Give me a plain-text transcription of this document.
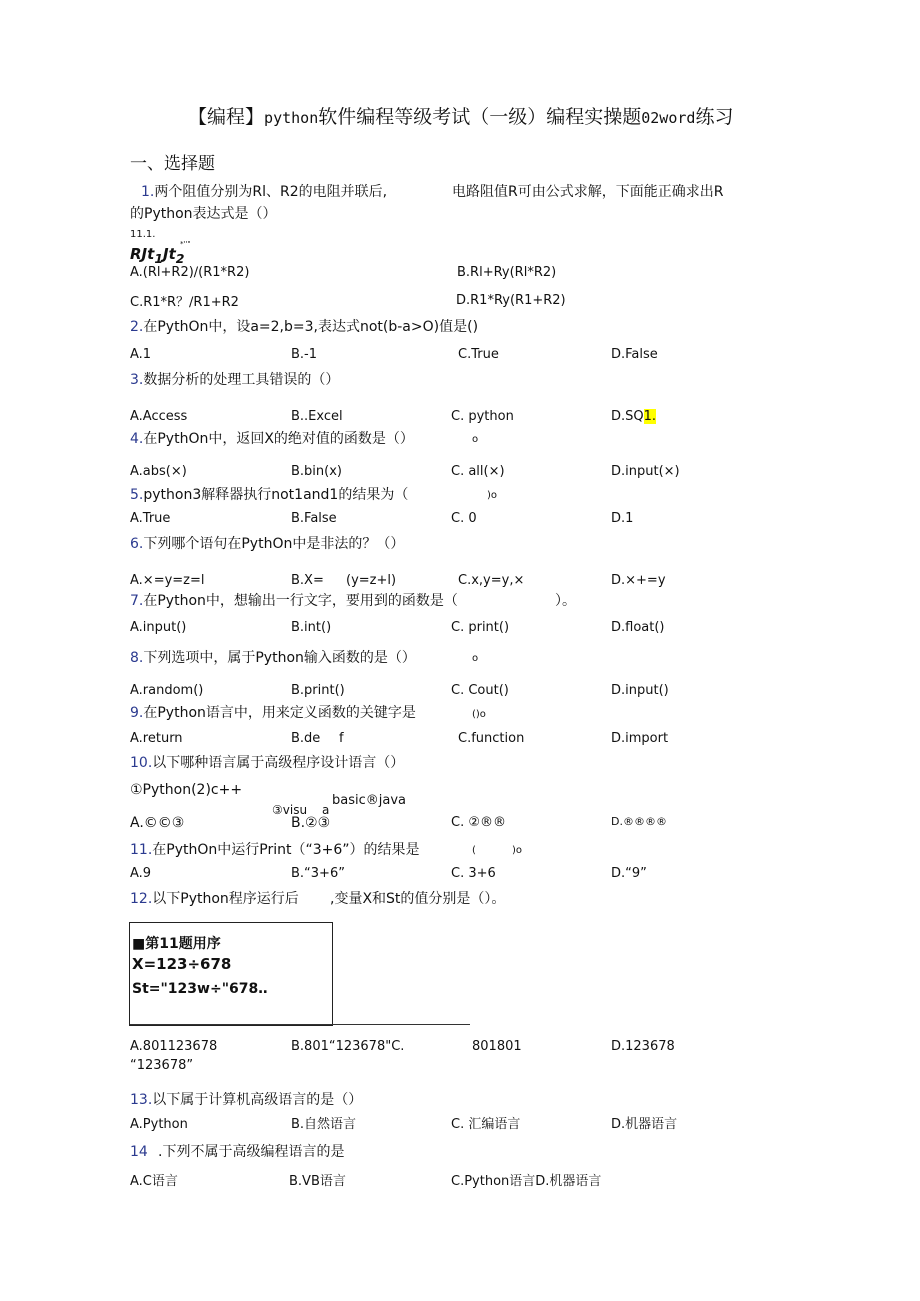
【编程】python软件编程等级考试（一级）编程实操题02word练习
一、选择题
1.两个阻值分别为Rl、R2的电阻并联后,	电路阻值R可由公式求解，下面能正确求出R
的Python表达式是（）
11.1.
$RJt_1Jt_2$
*''"
A.(Rl+R2)∕(R1*R2)	B.Rl+Ry(Rl*R2)
C.R1*R？∕R1+R2	D.R1*Ry(R1+R2)
2.在PythOn中，设a=2,b=3,表达式not(b-a>O)值是()
A.1	B.-1	C.True	D.False
3.数据分析的处理工具错误的（）
A.Access	B..Excel	C. python	D.SQ1.
4.在PythOn中，返回X的绝对值的函数是（）	o
A.abs(×)	B.bin(x)	C. all(×)	D.input(×)
5.python3解释器执行not1and1的结果为（	)o
A.True	B.False	C. 0	D.1
6.下列哪个语句在PythOn中是非法的？（）
A.×=y=z=l	B.X= (y=z+l)	C.x,y=y,×	D.×+=y
7.在Python中，想输出一行文字，要用到的函数是（	）。
A.input()	B.int()	C. print()	D.float()
8.下列选项中，属于Python输入函数的是（）	o
A.random()	B.print()	C. Cout()	D.input()
9.在Python语言中，用来定义函数的关键字是	()o
A.return	B.de f	C.function	D.import
10.以下哪种语言属于高级程序设计语言（）
①Python(2)c++
③visu a
basic®java
A.©©③	B.②③	C. ②®®	D.®®®®
11.在PythOn中运行Print（“3+6”）的结果是	(	)o
A.9	B.“3+6”	C. 3+6	D.“9”
12.以下Python程序运行后 ,变量X和St的值分别是（）。
■第11题用序
X=123÷678
St="123w÷"678‥
A.801123678	B.801“123678"C.	801801	D.123678
“123678”
13.以下属于计算机高级语言的是（）
A.Python	B.自然语言	C. 汇编语言	D.机器语言
14 .下列不属于高级编程语言的是
A.C语言	B.VB语言	C.Python语言D.机器语言
